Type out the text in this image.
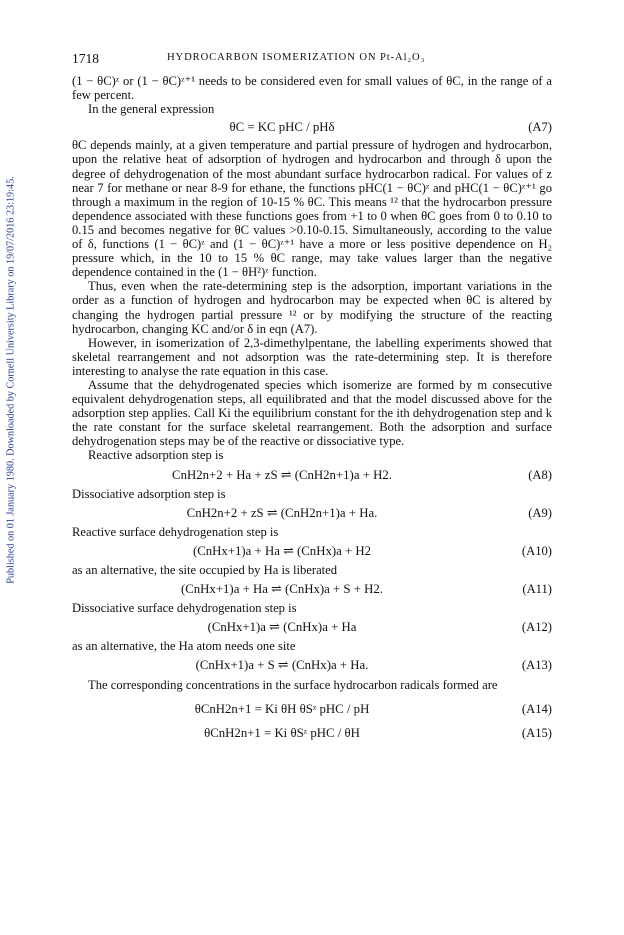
Published on 01 January 1980. Downloaded by Cornell University Library on 19/07/2016 23:19:45.
1718	HYDROCARBON ISOMERIZATION ON Pt-Al₂O₃

(1 − θC)ᶻ or (1 − θC)ᶻ⁺¹ needs to be considered even for small values of θC, in the range of a few percent.

In the general expression

θC = KC pHC / pHδ	(A7)

θC depends mainly, at a given temperature and partial pressure of hydrogen and hydrocarbon, upon the relative heat of adsorption of hydrogen and hydrocarbon and through δ upon the degree of dehydrogenation of the most abundant surface hydrocarbon radical. For values of z near 7 for methane or near 8-9 for ethane, the functions pHC(1 − θC)ᶻ and pHC(1 − θC)ᶻ⁺¹ go through a maximum in the region of 10-15 % θC. This means ¹² that the hydrocarbon pressure dependence associated with these functions goes from +1 to 0 when θC goes from 0 to 0.10 to 0.15 and becomes negative for θC values >0.10-0.15. Simultaneously, according to the value of δ, functions (1 − θC)ᶻ and (1 − θC)ᶻ⁺¹ have a more or less positive dependence on H₂ pressure which, in the 10 to 15 % θC range, may take values larger than the negative dependence contained in the (1 − θH²)ᶻ function.

Thus, even when the rate-determining step is the adsorption, important variations in the order as a function of hydrogen and hydrocarbon may be expected when θC is altered by changing the hydrogen partial pressure ¹² or by modifying the structure of the reacting hydrocarbon, changing KC and/or δ in eqn (A7).

However, in isomerization of 2,3-dimethylpentane, the labelling experiments showed that skeletal rearrangement and not adsorption was the rate-determining step. It is therefore interesting to analyse the rate equation in this case.

Assume that the dehydrogenated species which isomerize are formed by m consecutive equivalent dehydrogenation steps, all equilibrated and that the model discussed above for the adsorption step applies. Call Ki the equilibrium constant for the ith dehydrogenation step and k the rate constant for the surface skeletal rearrangement. Both the adsorption and surface dehydrogenation steps may be of the reactive or dissociative type.

Reactive adsorption step is

CnH2n+2 + Ha + zS ⇌ (CnH2n+1)a + H2.	(A8)

Dissociative adsorption step is

CnH2n+2 + zS ⇌ (CnH2n+1)a + Ha.	(A9)

Reactive surface dehydrogenation step is

(CnHx+1)a + Ha ⇌ (CnHx)a + H2	(A10)

as an alternative, the site occupied by Ha is liberated

(CnHx+1)a + Ha ⇌ (CnHx)a + S + H2.	(A11)

Dissociative surface dehydrogenation step is

(CnHx+1)a ⇌ (CnHx)a + Ha	(A12)

as an alternative, the Ha atom needs one site

(CnHx+1)a + S ⇌ (CnHx)a + Ha.	(A13)

The corresponding concentrations in the surface hydrocarbon radicals formed are

θCnH2n+1 = Ki θH θSᶻ pHC / pH	(A14)
θCnH2n+1 = Ki θSᶻ pHC / θH	(A15)
